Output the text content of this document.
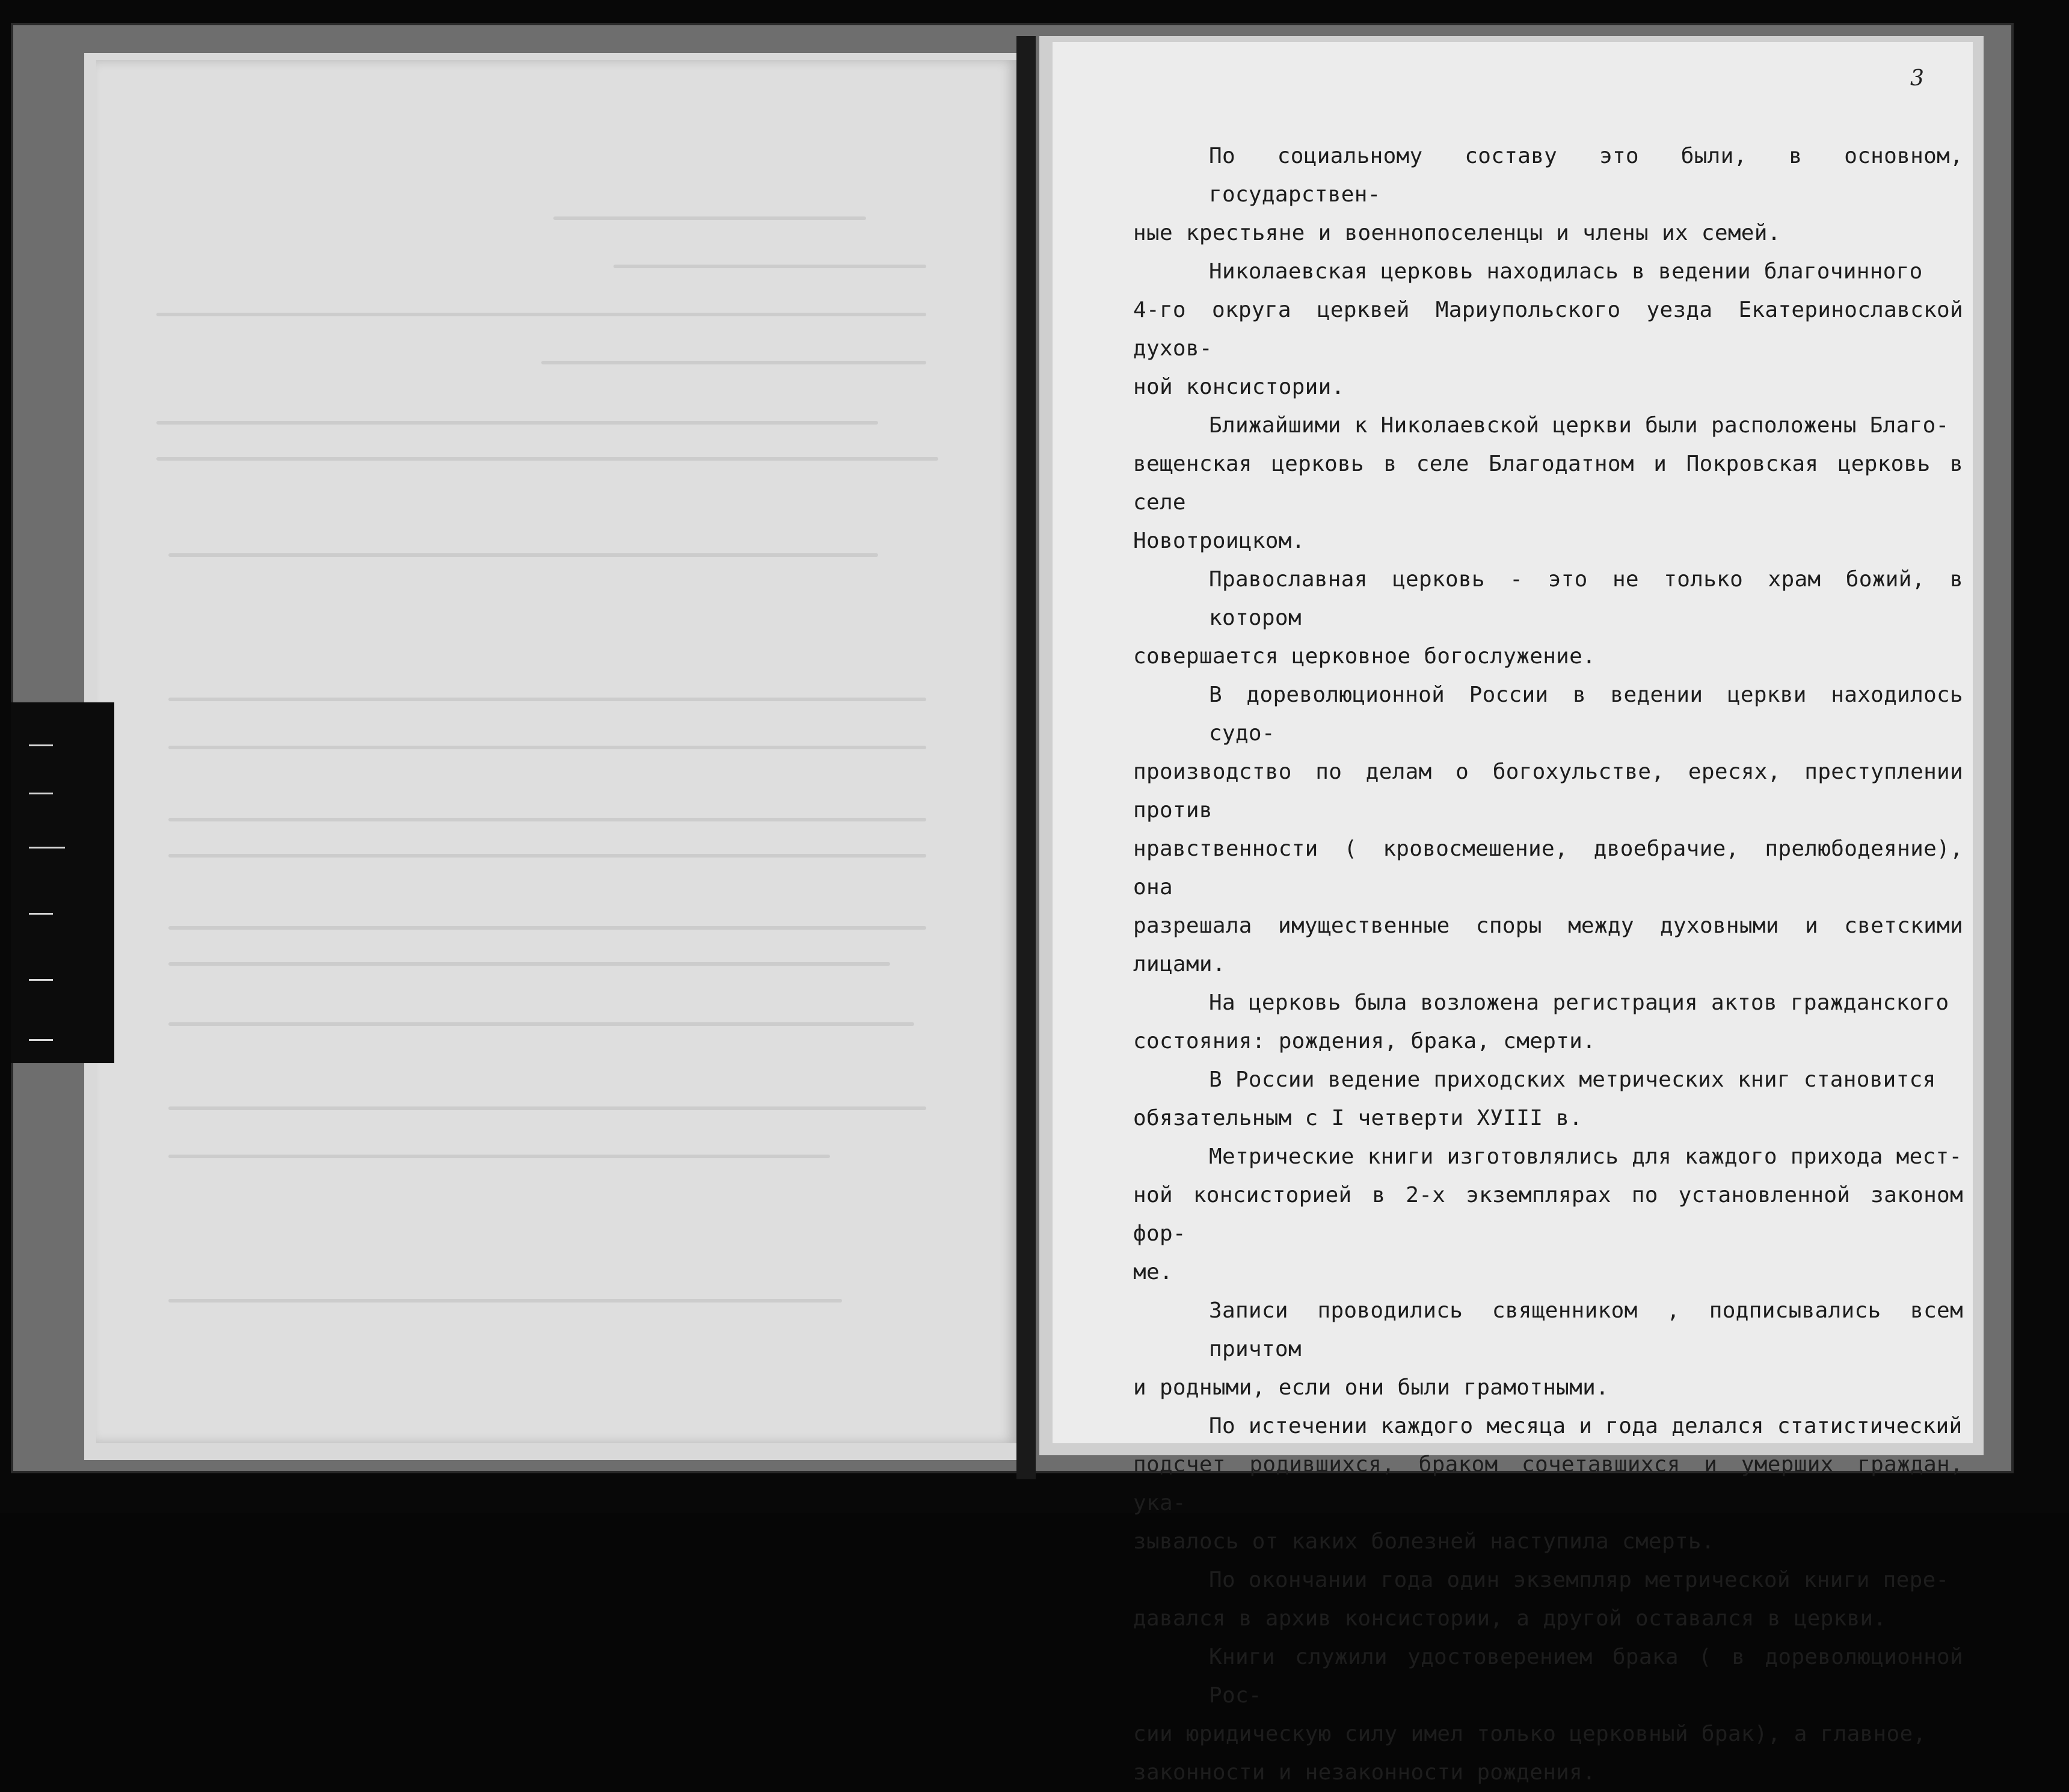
3

По социальному составу это были, в основном, государствен-
ные крестьяне и военнопоселенцы и члены их семей.

Николаевская церковь находилась в ведении благочинного
4-го округа церквей Мариупольского уезда Екатеринославской духов-
ной консистории.

Ближайшими к Николаевской церкви были расположены Благо-
вещенская церковь в селе Благодатном и Покровская церковь в селе
Новотроицком.

Православная церковь - это не только храм божий, в котором
совершается церковное богослужение.

В дореволюционной России в ведении церкви находилось судо-
производство по делам о богохульстве, ересях, преступлении против
нравственности ( кровосмешение, двоебрачие, прелюбодеяние), она
разрешала имущественные споры между духовными и светскими лицами.

На церковь была возложена регистрация актов гражданского
состояния: рождения, брака, смерти.

В России ведение приходских метрических книг становится
обязательным с I четверти ХУIII в.

Метрические книги изготовлялись для каждого прихода мест-
ной консисторией в 2-х экземплярах по установленной законом фор-
ме.

Записи проводились священником , подписывались всем причтом
и родными, если они были грамотными.

По истечении каждого месяца и года делался статистический
подсчет родившихся, браком сочетавшихся и умерших граждан, ука-
зывалось от каких болезней наступила смерть.

По окончании года один экземпляр метрической книги пере-
давался в архив консистории, а другой оставался в церкви.

Книги служили удостоверением брака ( в дореволюционной Рос-
сии юридическую силу имел только церковный брак), а главное,
законности и незаконности рождения.
